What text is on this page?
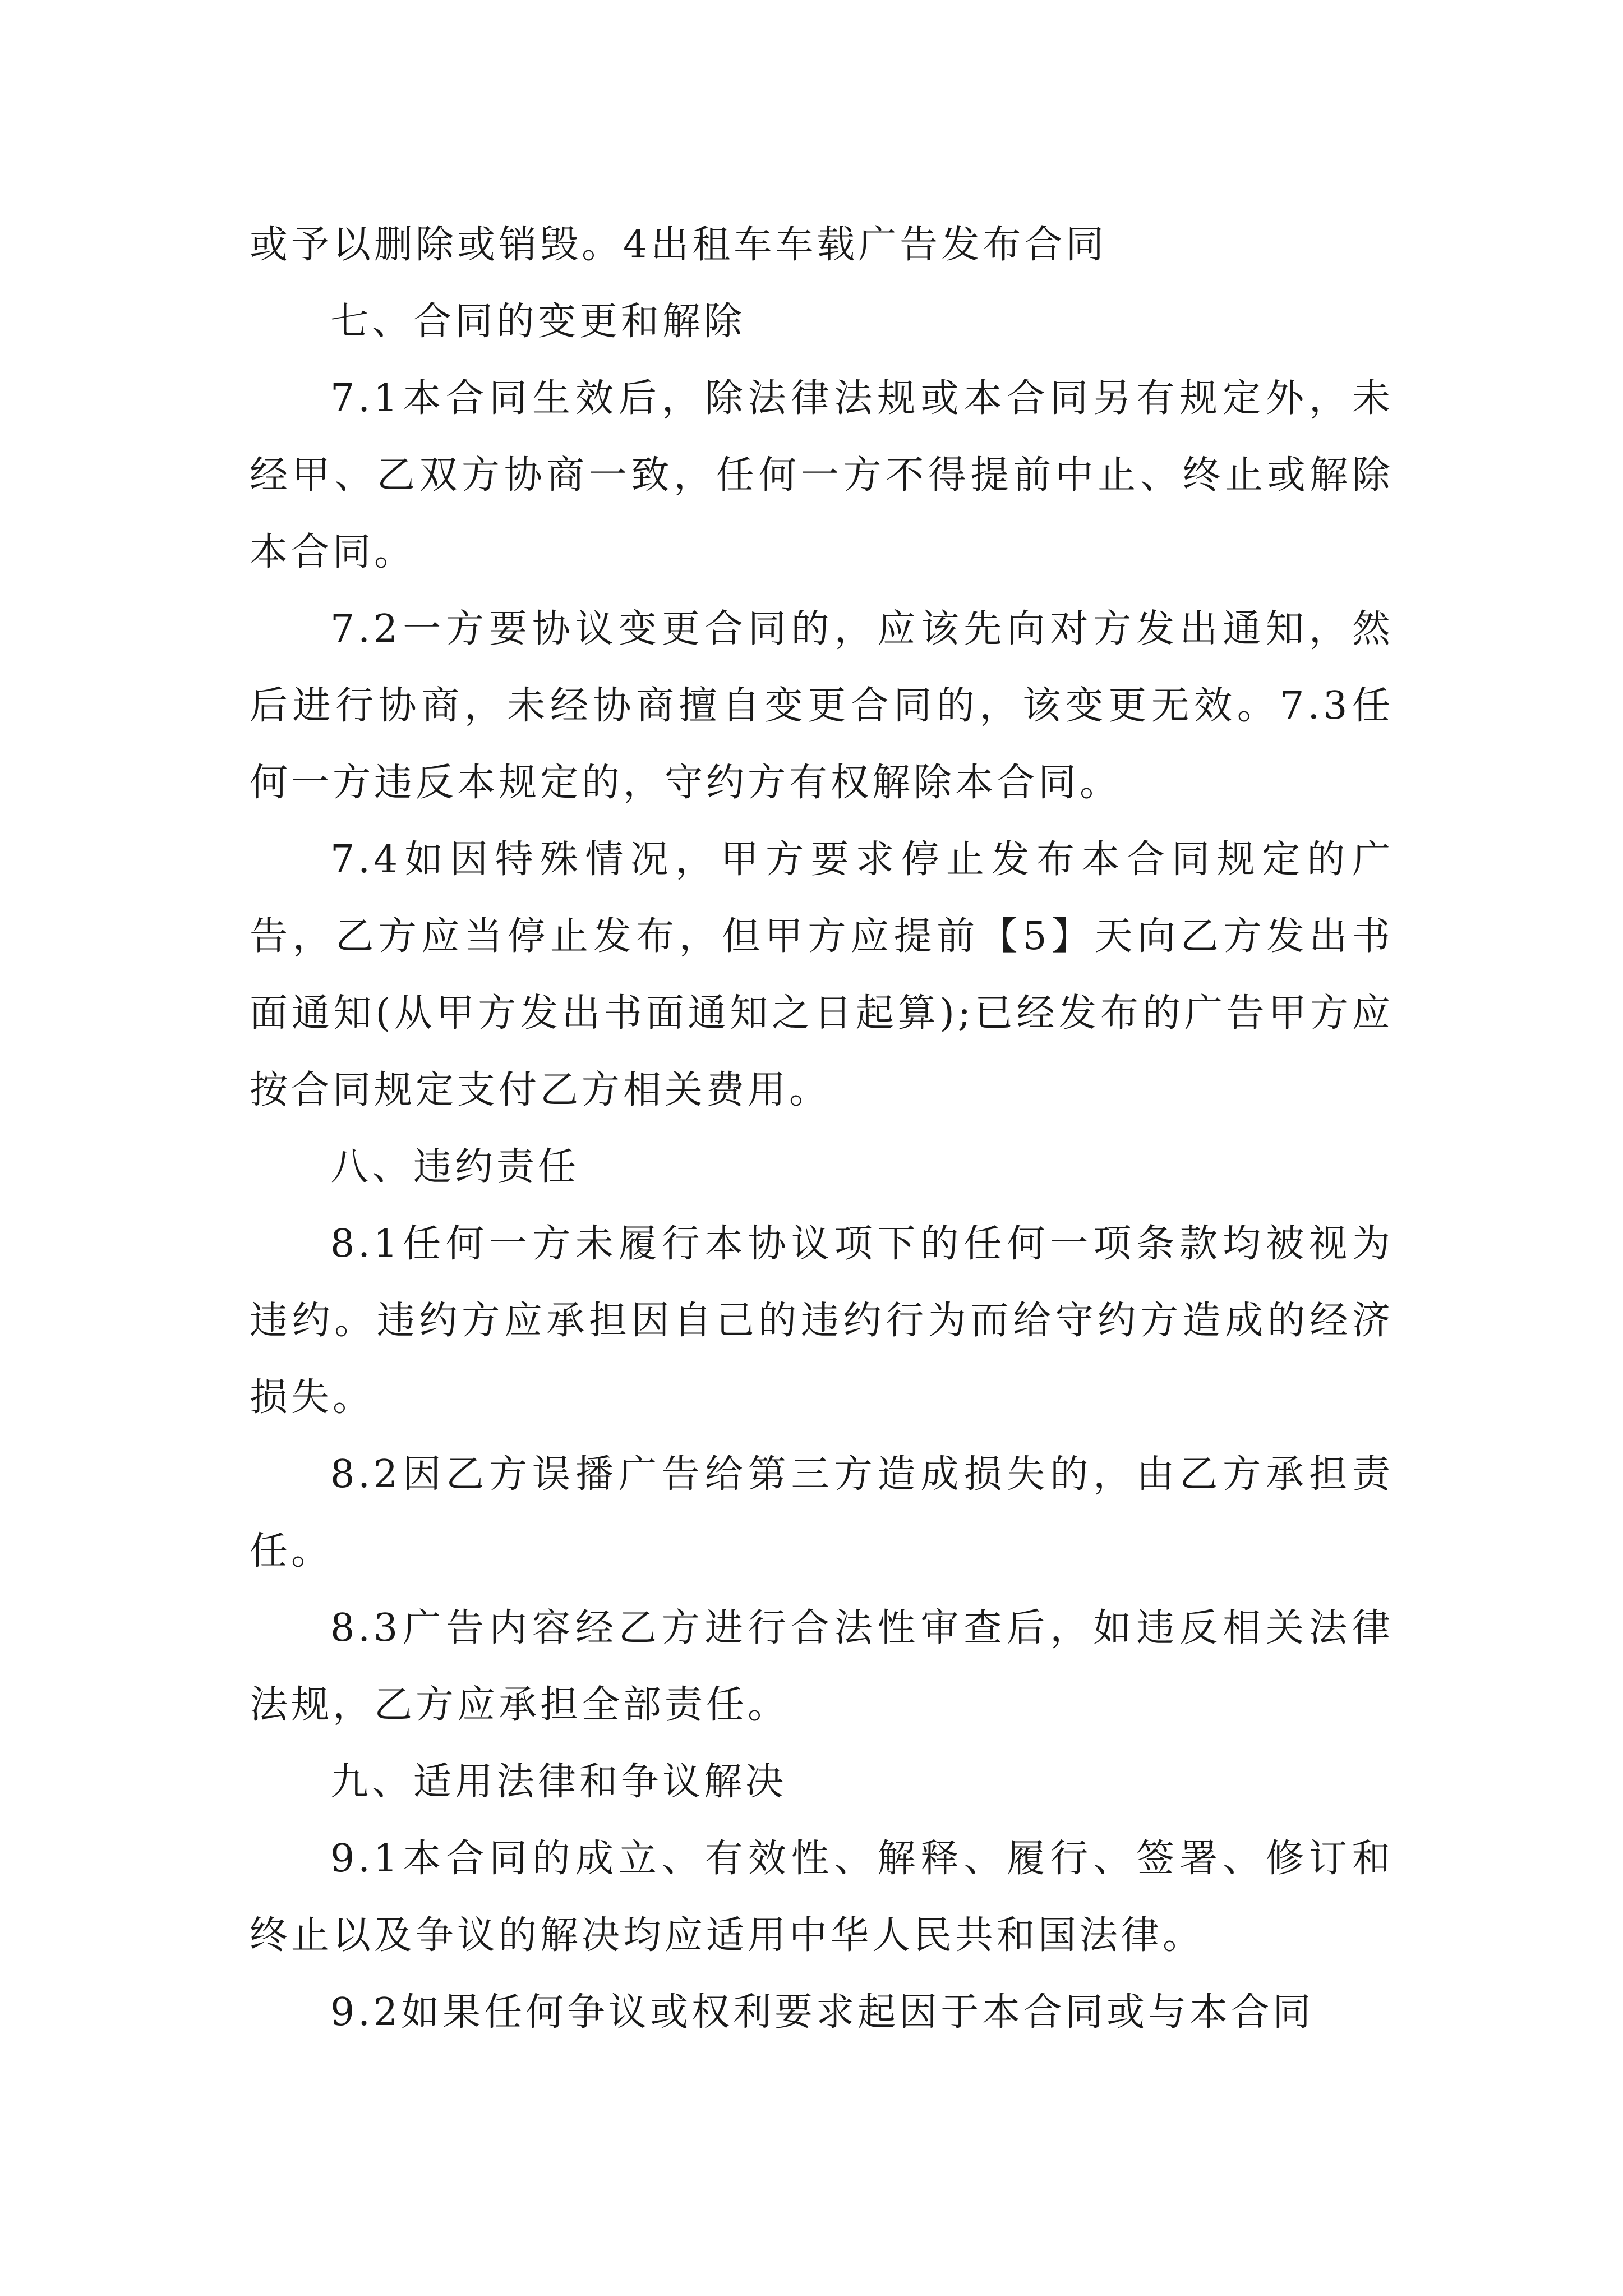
或予以删除或销毁。4出租车车载广告发布合同

七、合同的变更和解除

7.1本合同生效后，除法律法规或本合同另有规定外，未经甲、乙双方协商一致，任何一方不得提前中止、终止或解除本合同。

7.2一方要协议变更合同的，应该先向对方发出通知，然后进行协商，未经协商擅自变更合同的，该变更无效。7.3任何一方违反本规定的，守约方有权解除本合同。

7.4如因特殊情况，甲方要求停止发布本合同规定的广告，乙方应当停止发布，但甲方应提前【5】天向乙方发出书面通知(从甲方发出书面通知之日起算);已经发布的广告甲方应按合同规定支付乙方相关费用。

八、违约责任

8.1任何一方未履行本协议项下的任何一项条款均被视为违约。违约方应承担因自己的违约行为而给守约方造成的经济损失。

8.2因乙方误播广告给第三方造成损失的，由乙方承担责任。

8.3广告内容经乙方进行合法性审查后，如违反相关法律法规，乙方应承担全部责任。

九、适用法律和争议解决

9.1本合同的成立、有效性、解释、履行、签署、修订和终止以及争议的解决均应适用中华人民共和国法律。

9.2如果任何争议或权利要求起因于本合同或与本合同
